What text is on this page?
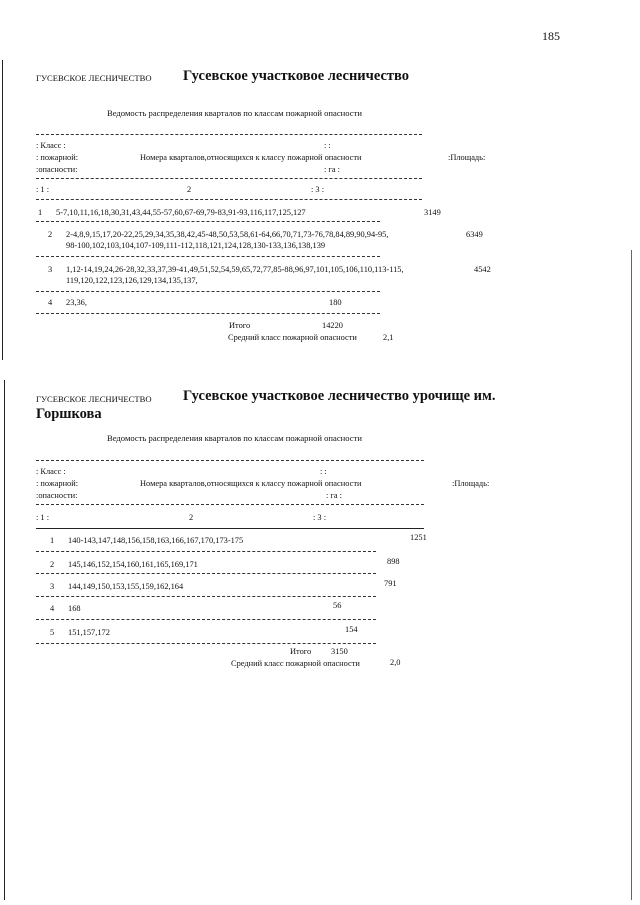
185
ГУСЕВСКОЕ ЛЕСНИЧЕСТВО Гусевское участковое лесничество
Ведомость распределения кварталов по классам пожарной опасности
: Класс :	: :
: пожарной:	Номера кварталов,относящихся к классу пожарной опасности	:Площадь:
:опасности:	: га :
: 1 :	2	: 3 :
1 5-7,10,11,16,18,30,31,43,44,55-57,60,67-69,79-83,91-93,116,117,125,127	3149
2 2-4,8,9,15,17,20-22,25,29,34,35,38,42,45-48,50,53,58,61-64,66,70,71,73-76,78,84,89,90,94-95,
98-100,102,103,104,107-109,111-112,118,121,124,128,130-133,136,138,139
6349
3 1,12-14,19,24,26-28,32,33,37,39-41,49,51,52,54,59,65,72,77,85-88,96,97,101,105,106,110,113-115,
119,120,122,123,126,129,134,135,137,
4542
4 23,36,	180
Итого	14220
Средний класс пожарной опасности	2,1
ГУСЕВСКОЕ ЛЕСНИЧЕСТВО Гусевское участковое лесничество урочище им.
Горшкова
Ведомость распределения кварталов по классам пожарной опасности
: Класс :	: :
: пожарной:	Номера кварталов,относящихся к классу пожарной опасности	:Площадь:
:опасности:	: га :
: 1 :	2	: 3 :
1 140-143,147,148,156,158,163,166,167,170,173-175	1251
2 145,146,152,154,160,161,165,169,171	898
3 144,149,150,153,155,159,162,164	791
4 168	56
5 151,157,172	154
Итого 3150
Средний класс пожарной опасности	2,0
